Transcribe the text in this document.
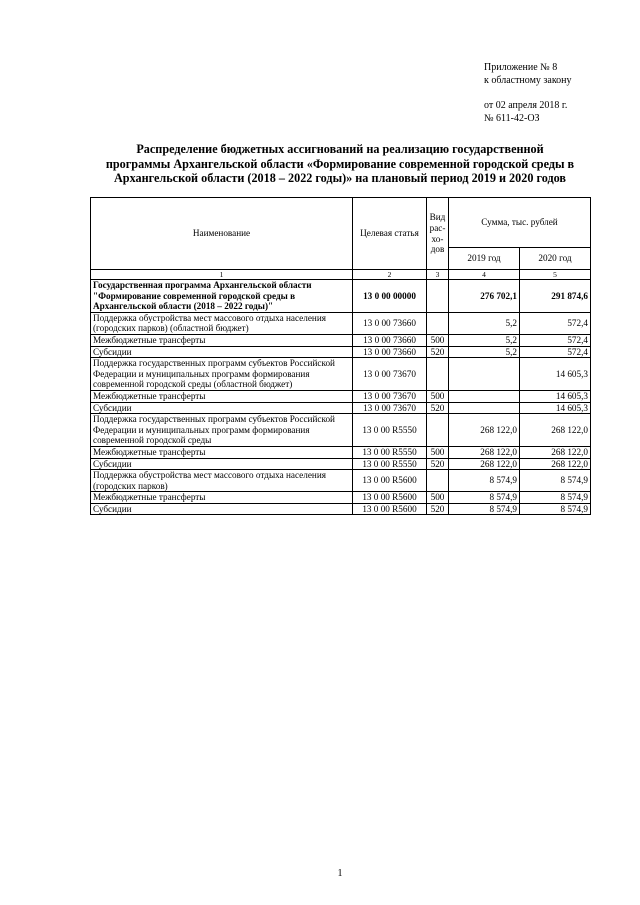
Приложение № 8
к областному закону
от 02 апреля 2018 г.
№ 611-42-ОЗ
Распределение бюджетных ассигнований на реализацию государственной
программы Архангельской области «Формирование современной городской среды в
Архангельской области (2018 – 2022 годы)» на плановый период 2019 и 2020 годов
Наименование	Целевая статья	Вид рас-хо-дов	Сумма, тыс. рублей	
			2019 год	2020 год
1	2	3	4	5
Государственная программа Архангельской области "Формирование современной городской среды в Архангельской области (2018 – 2022 годы)"	13 0 00 00000		276 702,1	291 874,6
Поддержка обустройства мест массового отдыха населения (городских парков) (областной бюджет)	13 0 00 73660		5,2	572,4
Межбюджетные трансферты	13 0 00 73660	500	5,2	572,4
Субсидии	13 0 00 73660	520	5,2	572,4
Поддержка государственных программ субъектов Российской Федерации и муниципальных программ формирования современной городской среды (областной бюджет)	13 0 00 73670			14 605,3
Межбюджетные трансферты	13 0 00 73670	500		14 605,3
Субсидии	13 0 00 73670	520		14 605,3
Поддержка государственных программ субъектов Российской Федерации и муниципальных программ формирования современной городской среды	13 0 00 R5550		268 122,0	268 122,0
Межбюджетные трансферты	13 0 00 R5550	500	268 122,0	268 122,0
Субсидии	13 0 00 R5550	520	268 122,0	268 122,0
Поддержка обустройства мест массового отдыха населения (городских парков)	13 0 00 R5600		8 574,9	8 574,9
Межбюджетные трансферты	13 0 00 R5600	500	8 574,9	8 574,9
Субсидии	13 0 00 R5600	520	8 574,9	8 574,9
1
